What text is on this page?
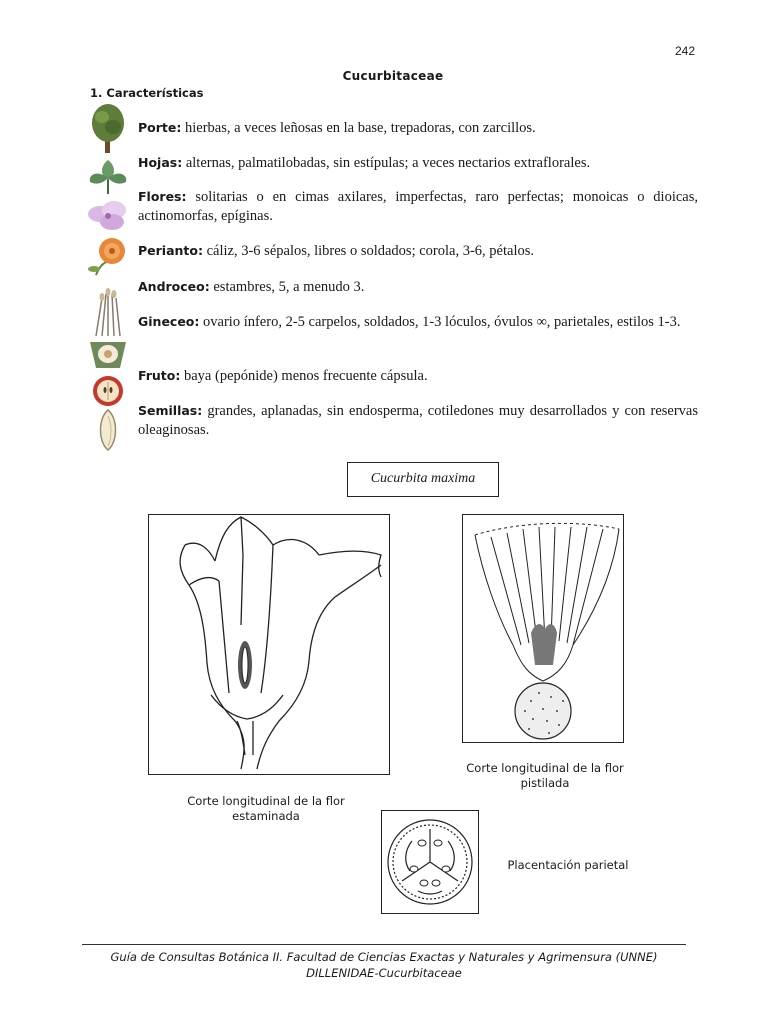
242
Cucurbitaceae
1. Características
Porte: hierbas, a veces leñosas en la base, trepadoras, con zarcillos.
Hojas: alternas, palmatilobadas, sin estípulas; a veces nectarios extraflorales.
Flores: solitarias o en cimas axilares, imperfectas, raro perfectas; monoicas o dioicas, actinomorfas, epíginas.
Perianto: cáliz, 3-6 sépalos, libres o soldados; corola, 3-6, pétalos.
Androceo: estambres, 5, a menudo 3.
Gineceo: ovario ínfero, 2-5 carpelos, soldados, 1-3 lóculos, óvulos ∞, parietales, estilos 1-3.
Fruto: baya (pepónide) menos frecuente cápsula.
Semillas: grandes, aplanadas, sin endosperma, cotiledones muy desarrollados y con reservas oleaginosas.
Cucurbita maxima
Corte longitudinal de la flor estaminada
Corte longitudinal de la flor pistilada
Placentación parietal
Guía de Consultas Botánica II. Facultad de Ciencias Exactas y Naturales y Agrimensura (UNNE)
DILLENIDAE-Cucurbitaceae
